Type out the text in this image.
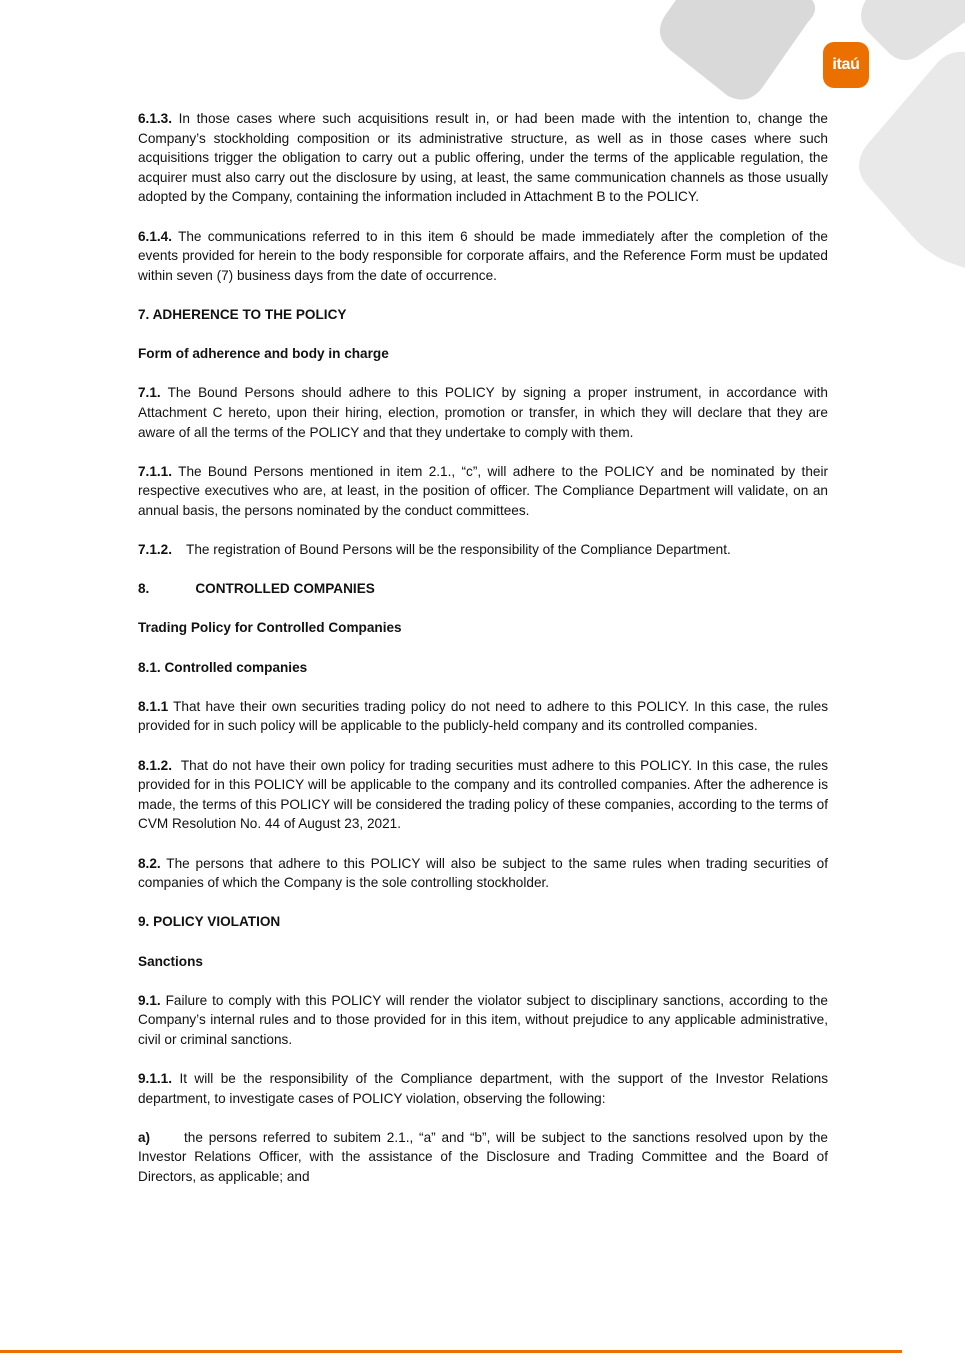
itaú

6.1.3. In those cases where such acquisitions result in, or had been made with the intention to, change the Company’s stockholding composition or its administrative structure, as well as in those cases where such acquisitions trigger the obligation to carry out a public offering, under the terms of the applicable regulation, the acquirer must also carry out the disclosure by using, at least, the same communication channels as those usually adopted by the Company, containing the information included in Attachment B to the POLICY.

6.1.4. The communications referred to in this item 6 should be made immediately after the completion of the events provided for herein to the body responsible for corporate affairs, and the Reference Form must be updated within seven (7) business days from the date of occurrence.

7. ADHERENCE TO THE POLICY

Form of adherence and body in charge

7.1. The Bound Persons should adhere to this POLICY by signing a proper instrument, in accordance with Attachment C hereto, upon their hiring, election, promotion or transfer, in which they will declare that they are aware of all the terms of the POLICY and that they undertake to comply with them.

7.1.1. The Bound Persons mentioned in item 2.1., “c”, will adhere to the POLICY and be nominated by their respective executives who are, at least, in the position of officer. The Compliance Department will validate, on an annual basis, the persons nominated by the conduct committees.

7.1.2. The registration of Bound Persons will be the responsibility of the Compliance Department.

8.	CONTROLLED COMPANIES

Trading Policy for Controlled Companies

8.1. Controlled companies

8.1.1 That have their own securities trading policy do not need to adhere to this POLICY. In this case, the rules provided for in such policy will be applicable to the publicly-held company and its controlled companies.

8.1.2. That do not have their own policy for trading securities must adhere to this POLICY. In this case, the rules provided for in this POLICY will be applicable to the company and its controlled companies. After the adherence is made, the terms of this POLICY will be considered the trading policy of these companies, according to the terms of CVM Resolution No. 44 of August 23, 2021.

8.2. The persons that adhere to this POLICY will also be subject to the same rules when trading securities of companies of which the Company is the sole controlling stockholder.

9. POLICY VIOLATION

Sanctions

9.1. Failure to comply with this POLICY will render the violator subject to disciplinary sanctions, according to the Company’s internal rules and to those provided for in this item, without prejudice to any applicable administrative, civil or criminal sanctions.

9.1.1. It will be the responsibility of the Compliance department, with the support of the Investor Relations department, to investigate cases of POLICY violation, observing the following:

a) the persons referred to subitem 2.1., “a” and “b”, will be subject to the sanctions resolved upon by the Investor Relations Officer, with the assistance of the Disclosure and Trading Committee and the Board of Directors, as applicable; and
